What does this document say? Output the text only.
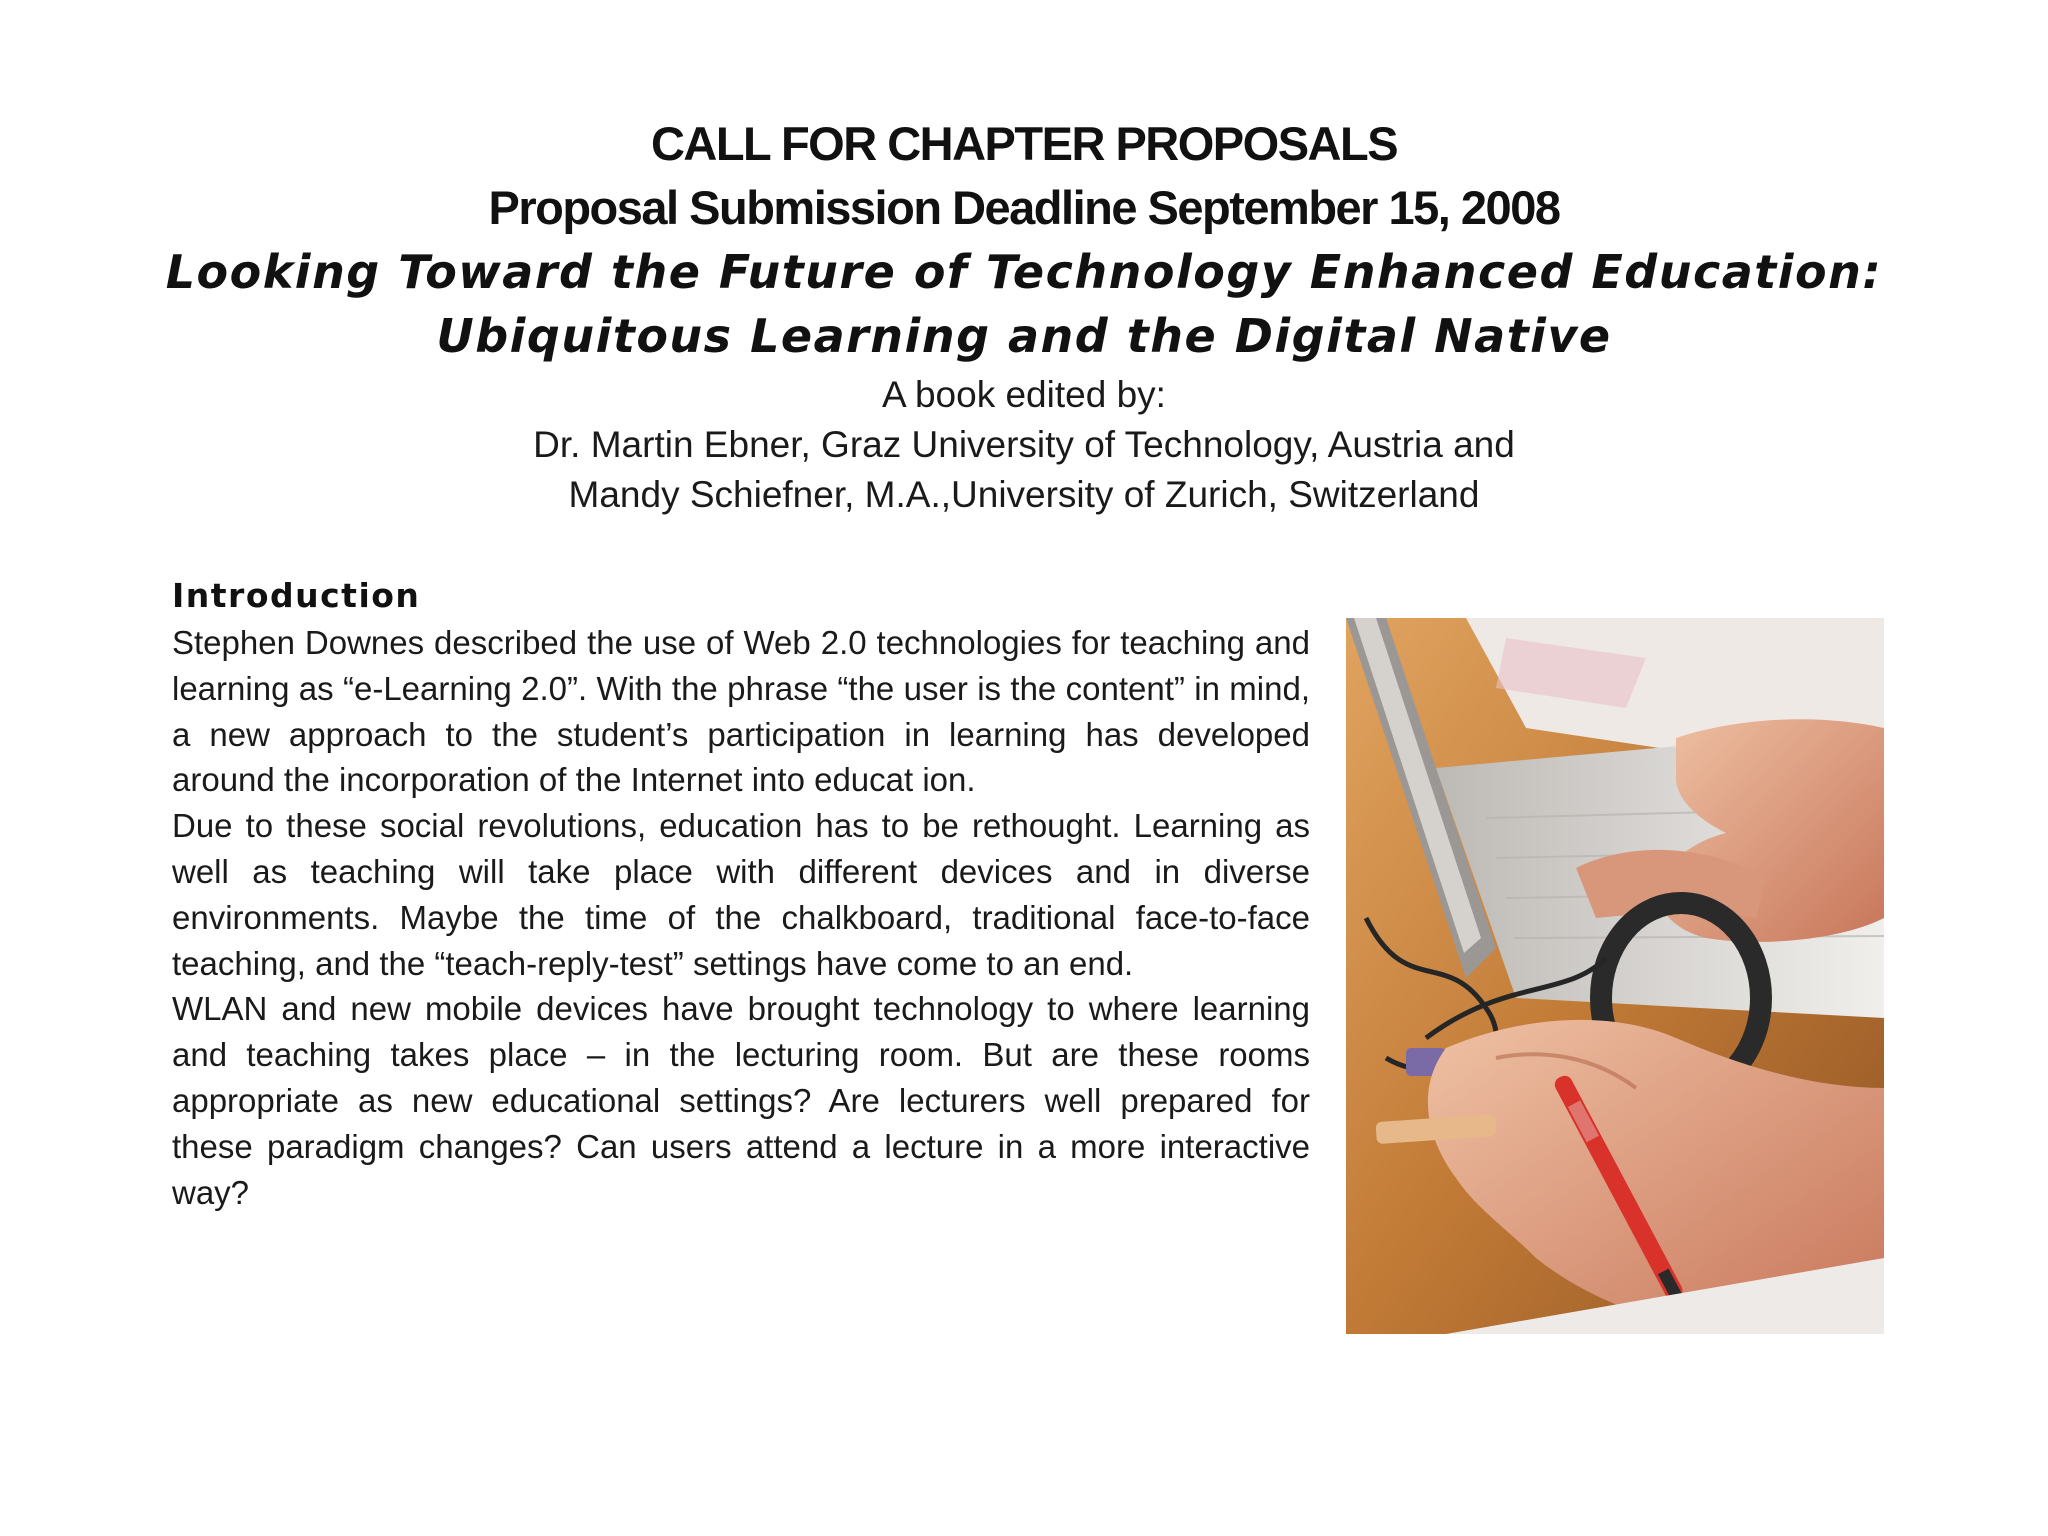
CALL FOR CHAPTER PROPOSALS
Proposal Submission Deadline September 15, 2008
Looking Toward the Future of Technology Enhanced Education:
Ubiquitous Learning and the Digital Native
A book edited by:
Dr. Martin Ebner, Graz University of Technology, Austria and
Mandy Schiefner, M.A.,University of Zurich, Switzerland
Introduction

Stephen Downes described the use of Web 2.0 technologies for teaching and learning as “e-Learning 2.0”. With the phrase “the user is the content” in mind, a new approach to the student’s participation in learning has developed around the incorporation of the Internet into educat ion.

Due to these social revolutions, education has to be rethought. Learning as well as teaching will take place with different devices and in diverse environments. Maybe the time of the chalkboard, traditional face-to-face teaching, and the “teach-reply-test” settings have come to an end.

WLAN and new mobile devices have brought technology to where learning and teaching takes place – in the lecturing room. But are these rooms appropriate as new educational settings? Are lecturers well prepared for these paradigm changes? Can users attend a lecture in a more interactive way?
